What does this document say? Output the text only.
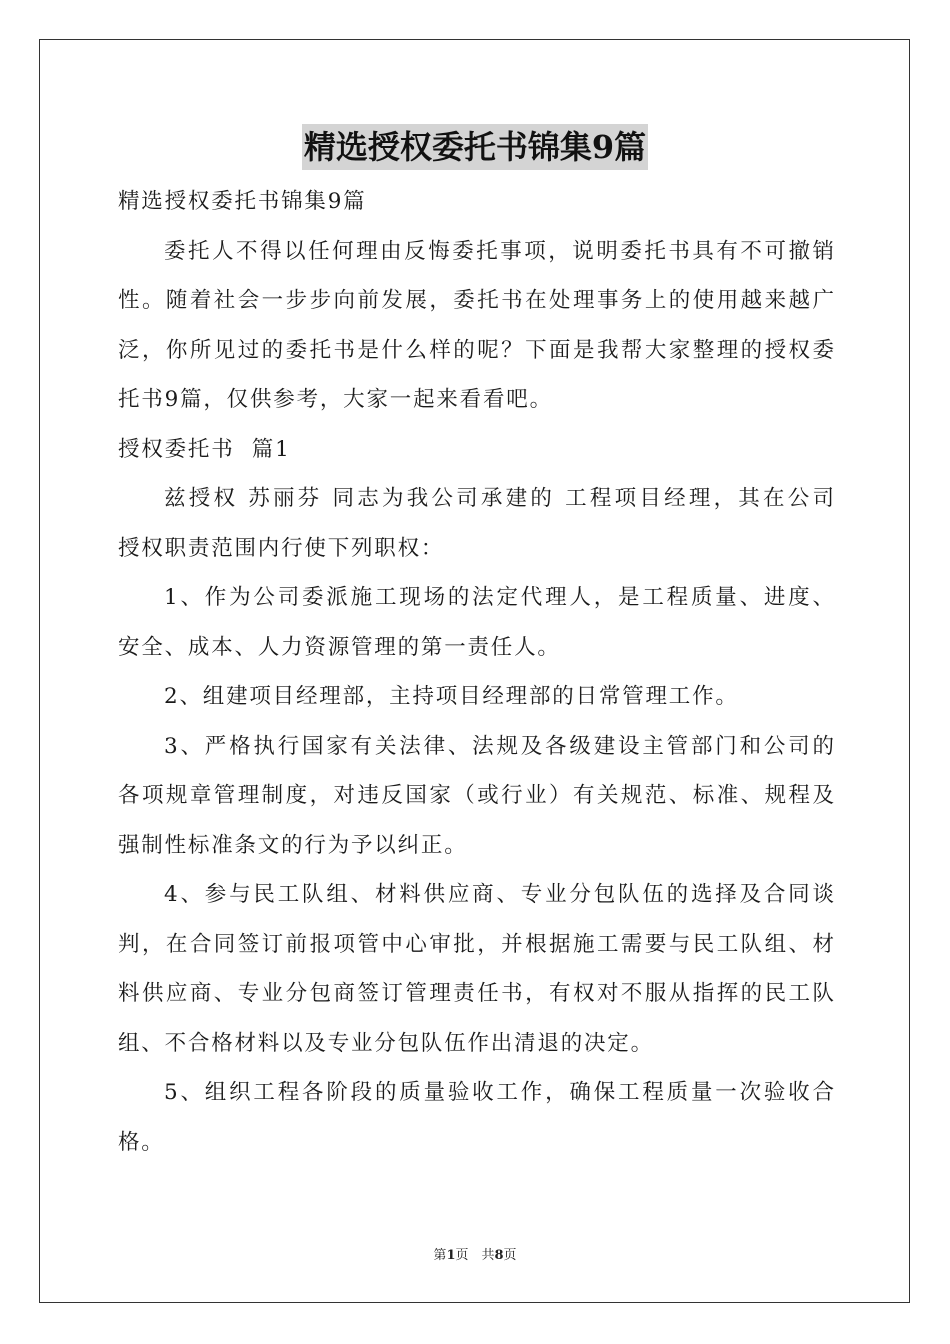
精选授权委托书锦集9篇
精选授权委托书锦集9篇
委托人不得以任何理由反悔委托事项，说明委托书具有不可撤销
性。随着社会一步步向前发展，委托书在处理事务上的使用越来越广
泛，你所见过的委托书是什么样的呢？下面是我帮大家整理的授权委
托书9篇，仅供参考，大家一起来看看吧。
授权委托书  篇1
兹授权 苏丽芬 同志为我公司承建的 工程项目经理，其在公司
授权职责范围内行使下列职权：
1、作为公司委派施工现场的法定代理人，是工程质量、进度、
安全、成本、人力资源管理的第一责任人。
2、组建项目经理部，主持项目经理部的日常管理工作。
3、严格执行国家有关法律、法规及各级建设主管部门和公司的
各项规章管理制度，对违反国家（或行业）有关规范、标准、规程及
强制性标准条文的行为予以纠正。
4、参与民工队组、材料供应商、专业分包队伍的选择及合同谈
判，在合同签订前报项管中心审批，并根据施工需要与民工队组、材
料供应商、专业分包商签订管理责任书，有权对不服从指挥的民工队
组、不合格材料以及专业分包队伍作出清退的决定。
5、组织工程各阶段的质量验收工作，确保工程质量一次验收合
格。
第1页　共8页
